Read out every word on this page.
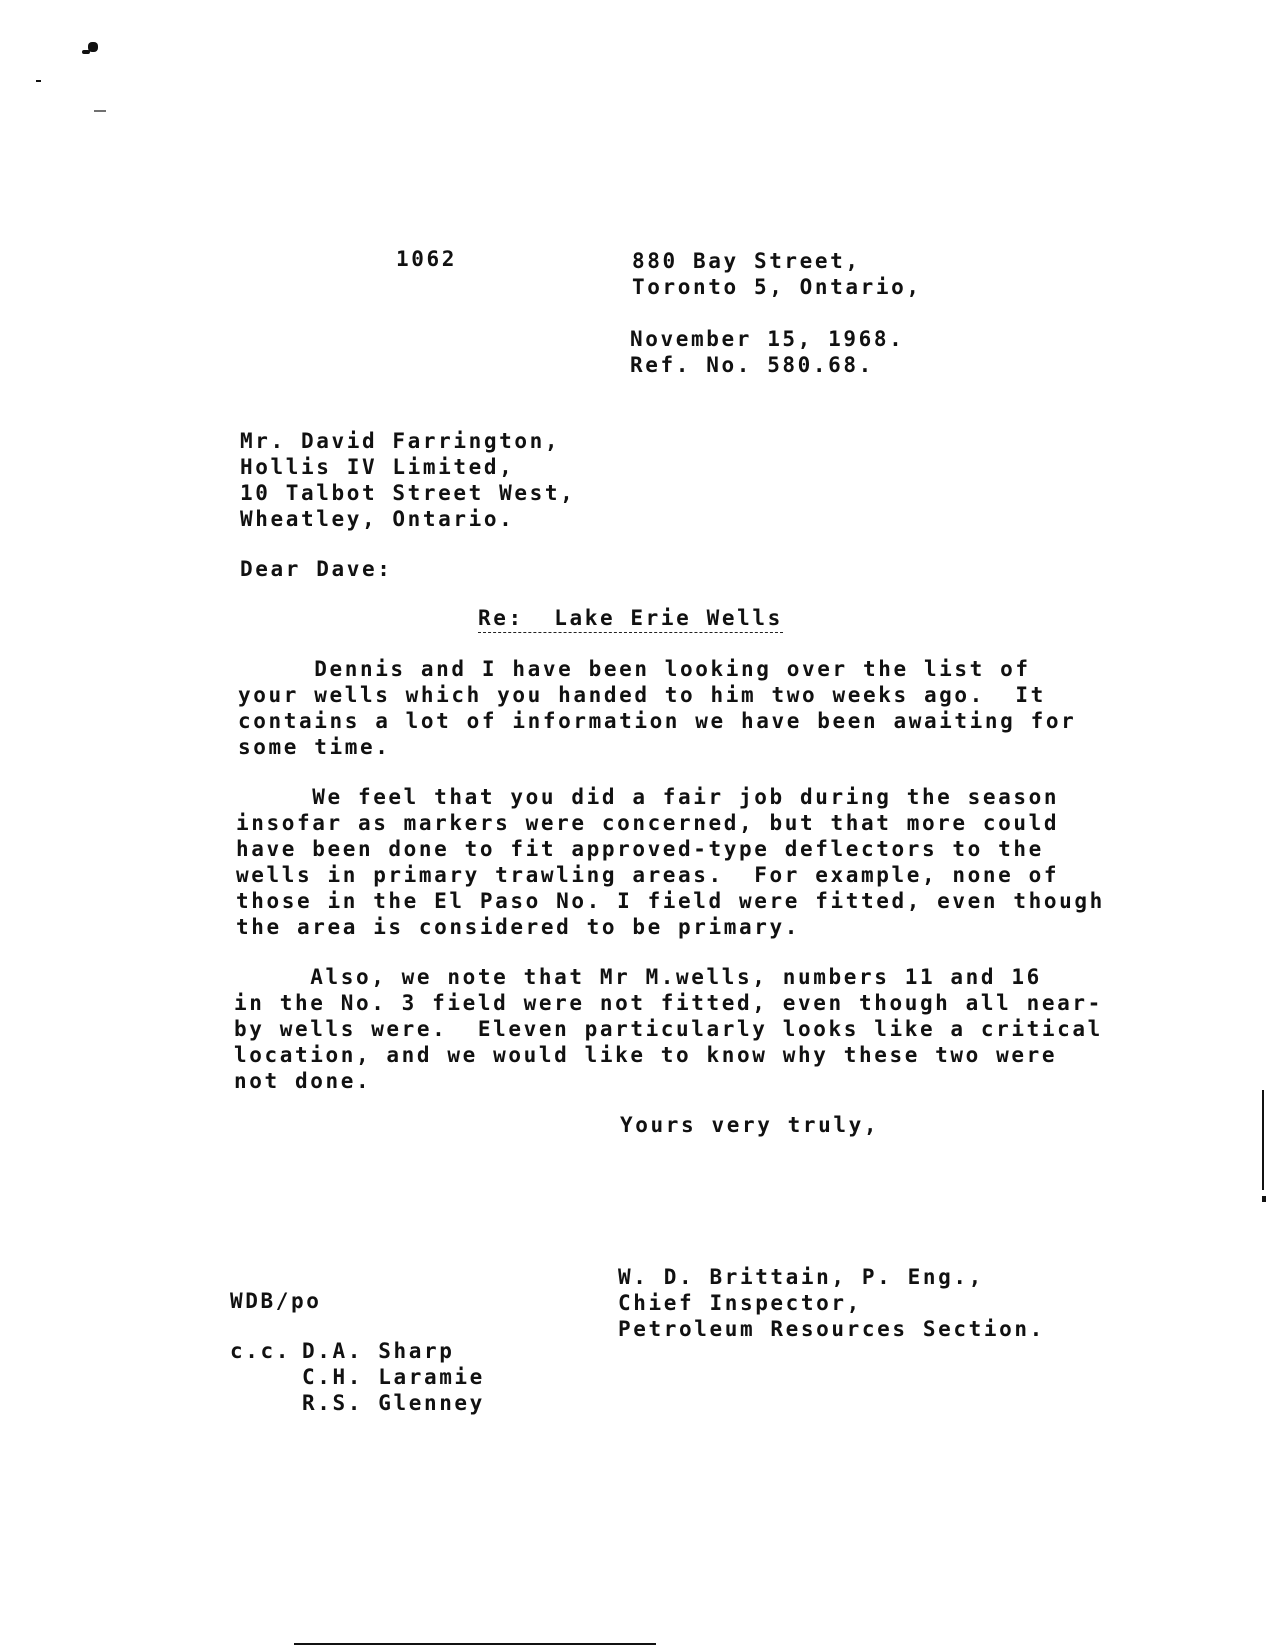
1062	880 Bay Street,
Toronto 5, Ontario,
November 15, 1968.
Ref. No. 580.68.
Mr. David Farrington,
Hollis IV Limited,
10 Talbot Street West,
Wheatley, Ontario.
Dear Dave:
Re:  Lake Erie Wells
Dennis and I have been looking over the list of
your wells which you handed to him two weeks ago.  It
contains a lot of information we have been awaiting for
some time.
We feel that you did a fair job during the season
insofar as markers were concerned, but that more could
have been done to fit approved-type deflectors to the
wells in primary trawling areas.  For example, none of
those in the El Paso No. I field were fitted, even though
the area is considered to be primary.
Also, we note that Mr M.wells, numbers 11 and 16
in the No. 3 field were not fitted, even though all near-
by wells were.  Eleven particularly looks like a critical
location, and we would like to know why these two were
not done.
Yours very truly,
W. D. Brittain, P. Eng.,
Chief Inspector,
Petroleum Resources Section.
WDB/po
c.c. D.A. Sharp
C.H. Laramie
R.S. Glenney
